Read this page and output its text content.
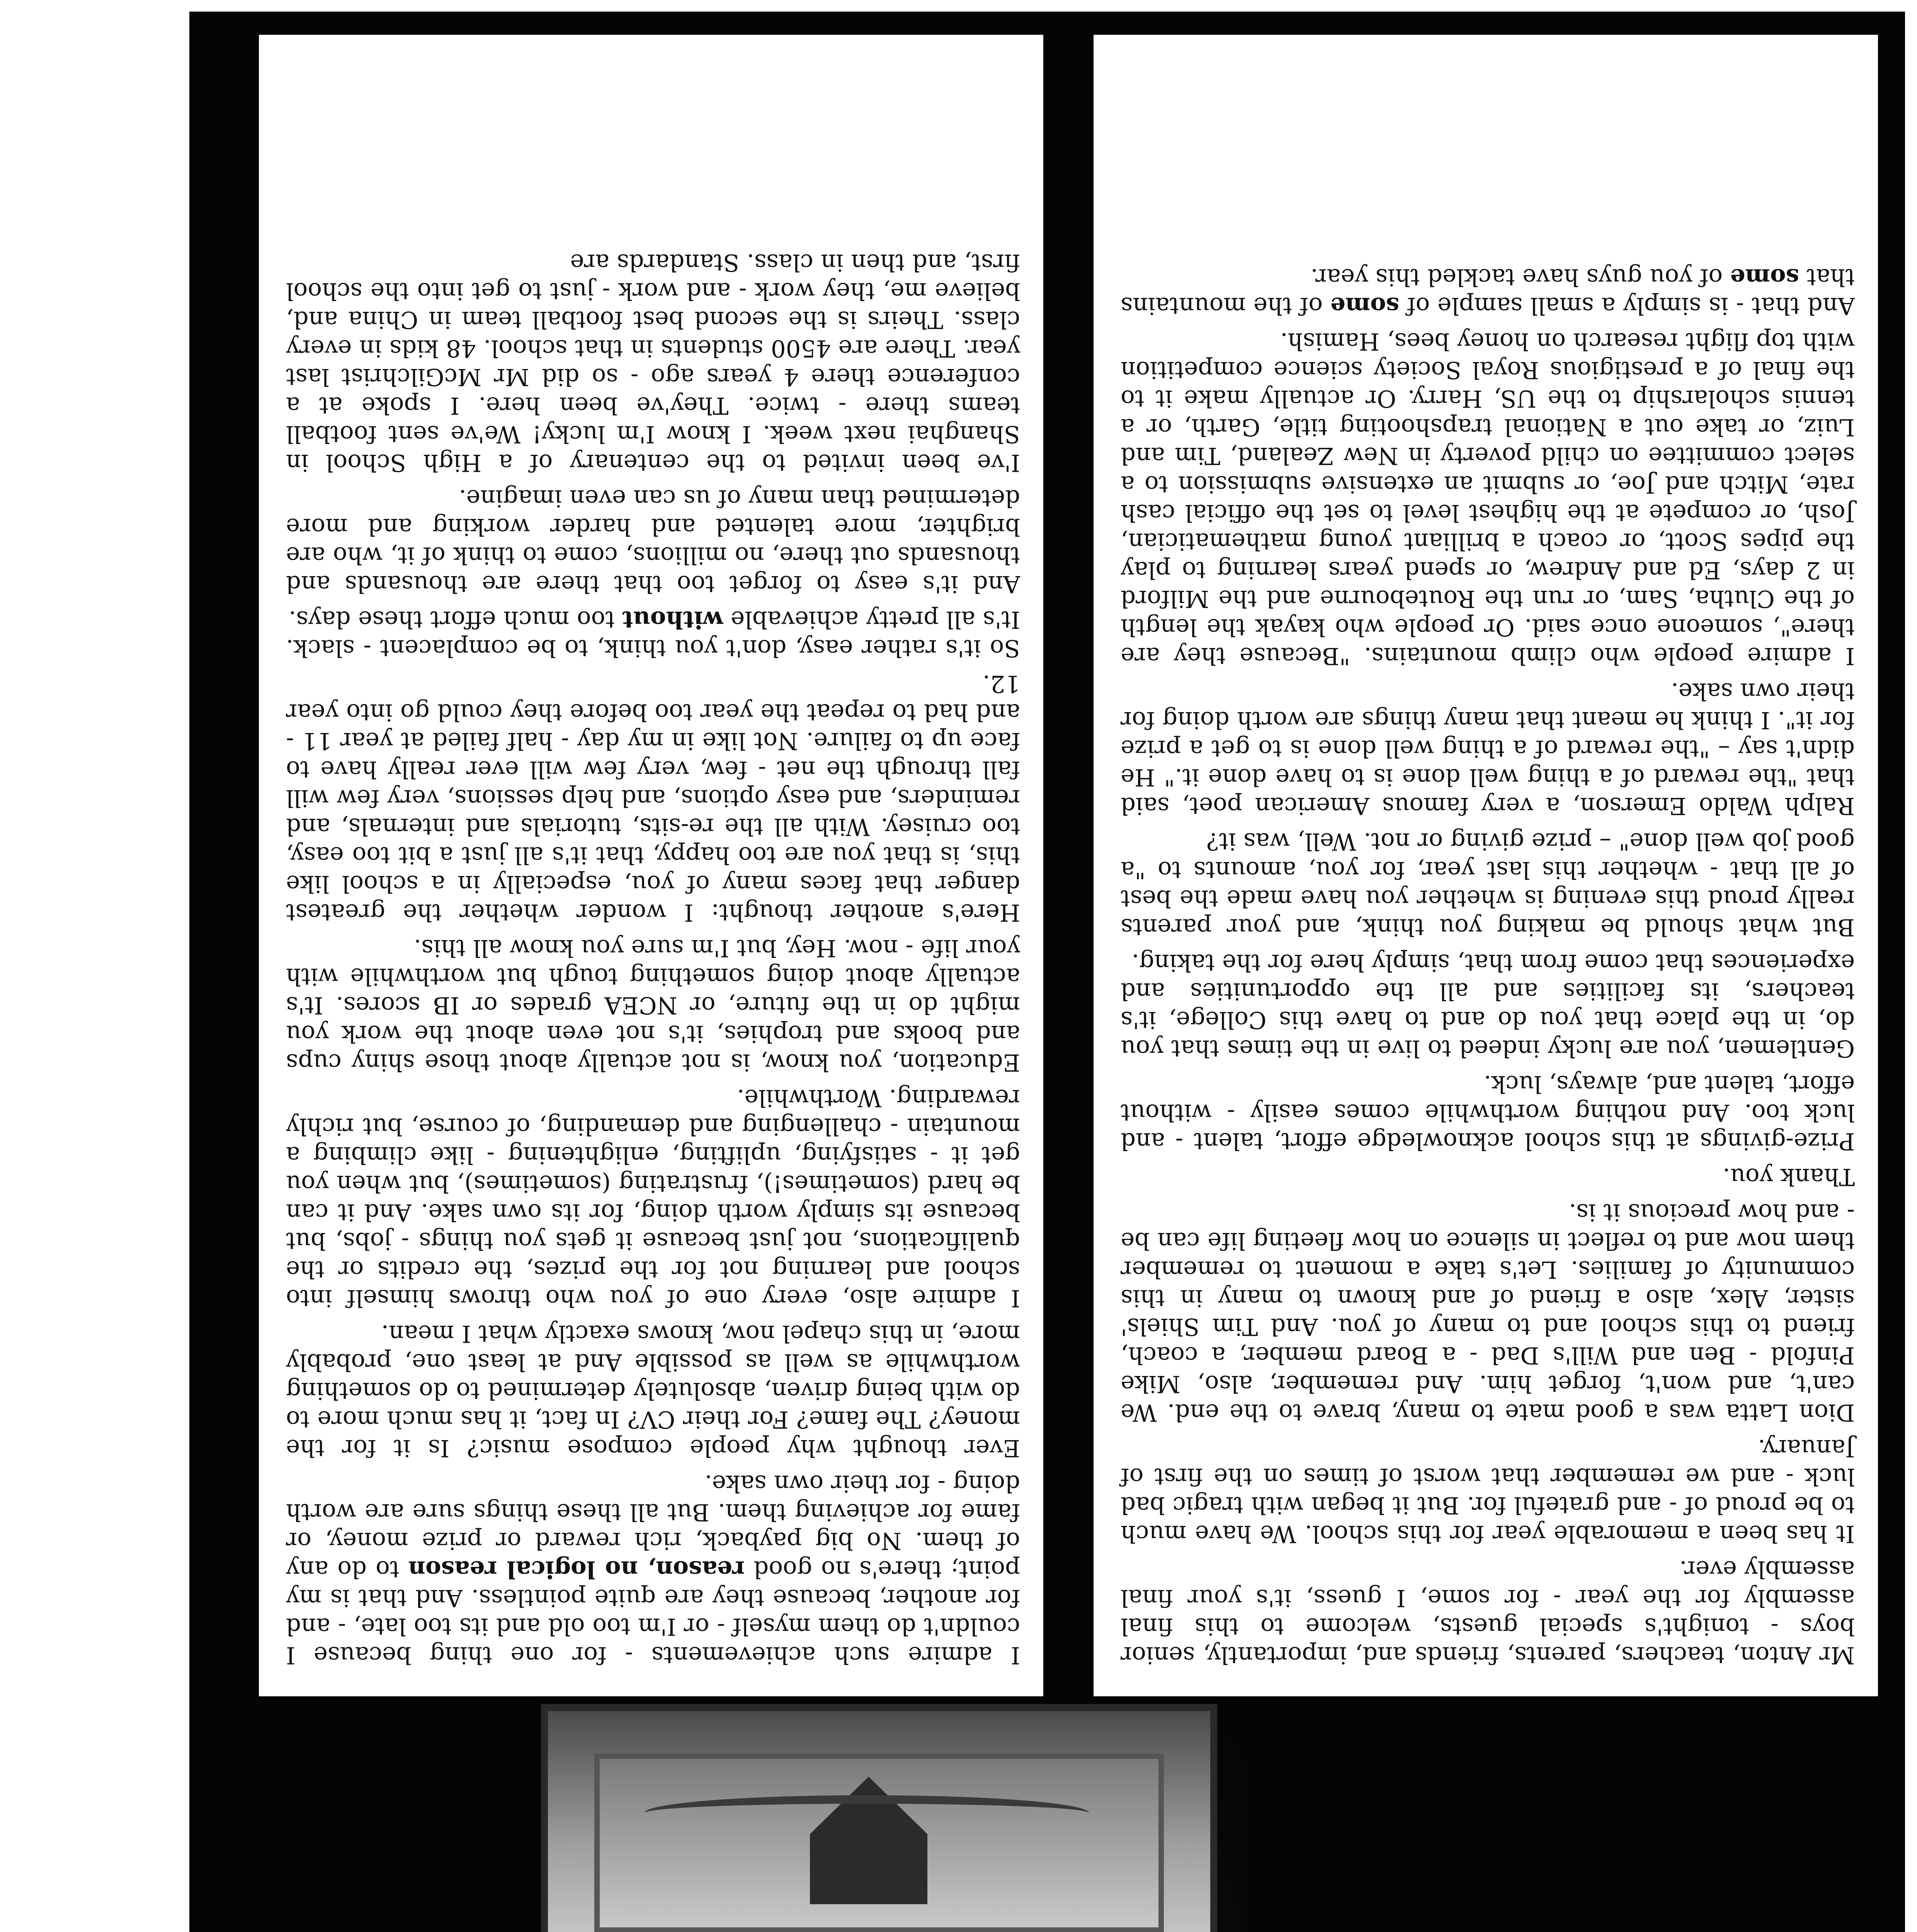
Mr Anton, teachers, parents, friends and, importantly, senior boys - tonight's special guests, welcome to this final assembly for the year - for some, I guess, it's your final assembly ever.

It has been a memorable year for this school. We have much to be proud of - and grateful for. But it began with tragic bad luck - and we remember that worst of times on the first of January.

Dion Latta was a good mate to many, brave to the end. We can't, and won't, forget him. And remember, also, Mike Pinfold - Ben and Will's Dad - a Board member, a coach, friend to this school and to many of you. And Tim Shiels' sister, Alex, also a friend of and known to many in this community of families. Let's take a moment to remember them now and to reflect in silence on how fleeting life can be - and how precious it is.

Thank you.

Prize-givings at this school acknowledge effort, talent - and luck too. And nothing worthwhile comes easily - without effort, talent and, always, luck.

Gentlemen, you are lucky indeed to live in the times that you do, in the place that you do and to have this College, it's teachers, its facilities and all the opportunities and experiences that come from that, simply here for the taking.

But what should be making you think, and your parents really proud this evening is whether you have made the best of all that - whether this last year, for you, amounts to "a good job well done" – prize giving or not. Well, was it?

Ralph Waldo Emerson, a very famous American poet, said that "the reward of a thing well done is to have done it." He didn't say – "the reward of a thing well done is to get a prize for it". I think he meant that many things are worth doing for their own sake.

I admire people who climb mountains. "Because they are there", someone once said. Or people who kayak the length of the Clutha, Sam, or run the Routebourne and the Milford in 2 days, Ed and Andrew, or spend years learning to play the pipes Scott, or coach a brilliant young mathematician, Josh, or compete at the highest level to set the official cash rate, Mitch and Joe, or submit an extensive submission to a select committee on child poverty in New Zealand, Tim and Luiz, or take out a National trapshooting title, Garth, or a tennis scholarship to the US, Harry. Or actually make it to the final of a prestigious Royal Society science competition with top flight research on honey bees, Hamish.

And that - is simply a small sample of some of the mountains that some of you guys have tackled this year.

I admire such achievements - for one thing because I couldn't do them myself - or I'm too old and its too late, - and for another, because they are quite pointless. And that is my point; there's no good reason, no logical reason to do any of them. No big payback, rich reward or prize money, or fame for achieving them. But all these things sure are worth doing - for their own sake.

Ever thought why people compose music? Is it for the money? The fame? For their CV? In fact, it has much more to do with being driven, absolutely determined to do something worthwhile as well as possible And at least one, probably more, in this chapel now, knows exactly what I mean.

I admire also, every one of you who throws himself into school and learning not for the prizes, the credits or the qualifications, not just because it gets you things - jobs, but because its simply worth doing, for its own sake. And it can be hard (sometimes!), frustrating (sometimes), but when you get it - satisfying, uplifting, enlightening - like climbing a mountain - challenging and demanding, of course, but richly rewarding. Worthwhile.

Education, you know, is not actually about those shiny cups and books and trophies, it's not even about the work you might do in the future, or NCEA grades or IB scores. It's actually about doing something tough but worthwhile with your life - now. Hey, but I'm sure you know all this.

Here's another thought: I wonder whether the greatest danger that faces many of you, especially in a school like this, is that you are too happy, that it's all just a bit too easy, too cruisey. With all the re-sits, tutorials and internals, and reminders, and easy options, and help sessions, very few will fall through the net - few, very few will ever really have to face up to failure. Not like in my day - half failed at year 11 - and had to repeat the year too before they could go into year 12.

So it's rather easy, don't you think, to be complacent - slack. It's all pretty achievable without too much effort these days.

And it's easy to forget too that there are thousands and thousands out there, no millions, come to think of it, who are brighter, more talented and harder working and more determined than many of us can even imagine.

I've been invited to the centenary of a High School in Shanghai next week. I know I'm lucky! We've sent football teams there - twice. They've been here. I spoke at a conference there 4 years ago - so did Mr McGilchrist last year. There are 4500 students in that school. 48 kids in every class. Theirs is the second best football team in China and, believe me, they work - and work - just to get into the school first, and then in class. Standards are
